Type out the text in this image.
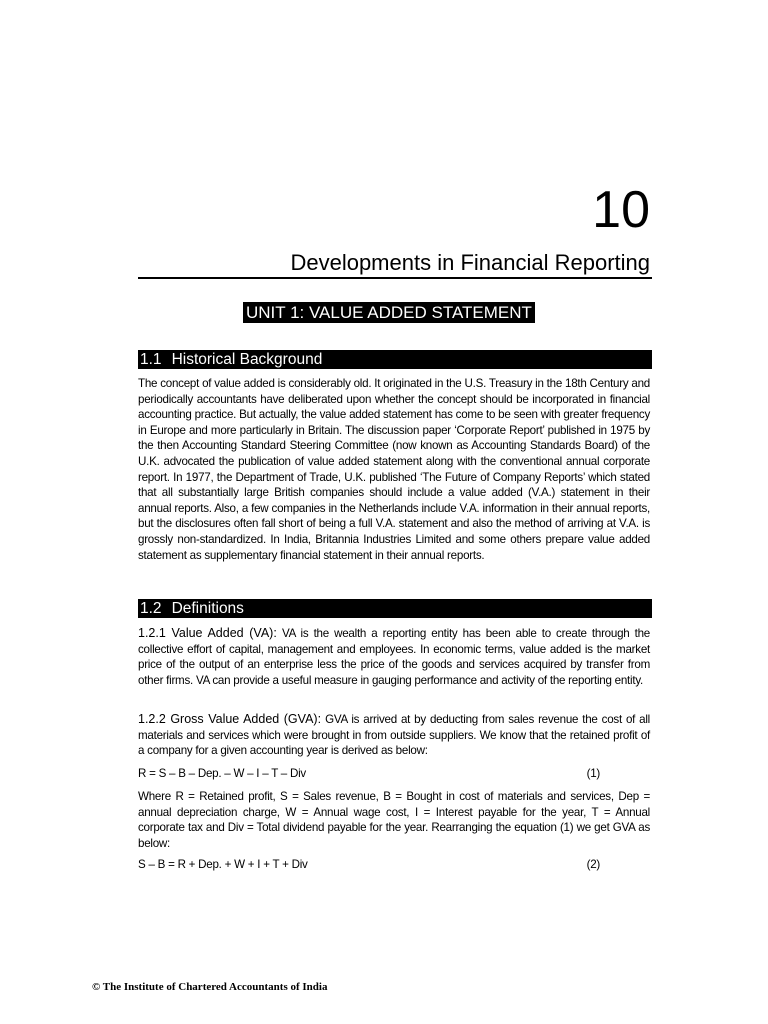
10
Developments in Financial Reporting
UNIT 1: VALUE ADDED STATEMENT
1.1 Historical Background
The concept of value added is considerably old. It originated in the U.S. Treasury in the 18th Century and periodically accountants have deliberated upon whether the concept should be incorporated in financial accounting practice. But actually, the value added statement has come to be seen with greater frequency in Europe and more particularly in Britain. The discussion paper ‘Corporate Report’ published in 1975 by the then Accounting Standard Steering Committee (now known as Accounting Standards Board) of the U.K. advocated the publication of value added statement along with the conventional annual corporate report. In 1977, the Department of Trade, U.K. published ‘The Future of Company Reports’ which stated that all substantially large British companies should include a value added (V.A.) statement in their annual reports. Also, a few companies in the Netherlands include V.A. information in their annual reports, but the disclosures often fall short of being a full V.A. statement and also the method of arriving at V.A. is grossly non-standardized. In India, Britannia Industries Limited and some others prepare value added statement as supplementary financial statement in their annual reports.
1.2 Definitions
1.2.1 Value Added (VA): VA is the wealth a reporting entity has been able to create through the collective effort of capital, management and employees. In economic terms, value added is the market price of the output of an enterprise less the price of the goods and services acquired by transfer from other firms. VA can provide a useful measure in gauging performance and activity of the reporting entity.
1.2.2 Gross Value Added (GVA): GVA is arrived at by deducting from sales revenue the cost of all materials and services which were brought in from outside suppliers. We know that the retained profit of a company for a given accounting year is derived as below:
R = S – B – Dep. – W – I – T – Div	(1)
Where R = Retained profit, S = Sales revenue, B = Bought in cost of materials and services, Dep = annual depreciation charge, W = Annual wage cost, I = Interest payable for the year, T = Annual corporate tax and Div = Total dividend payable for the year. Rearranging the equation (1) we get GVA as below:
S – B = R + Dep. + W + I + T + Div	(2)
© The Institute of Chartered Accountants of India
